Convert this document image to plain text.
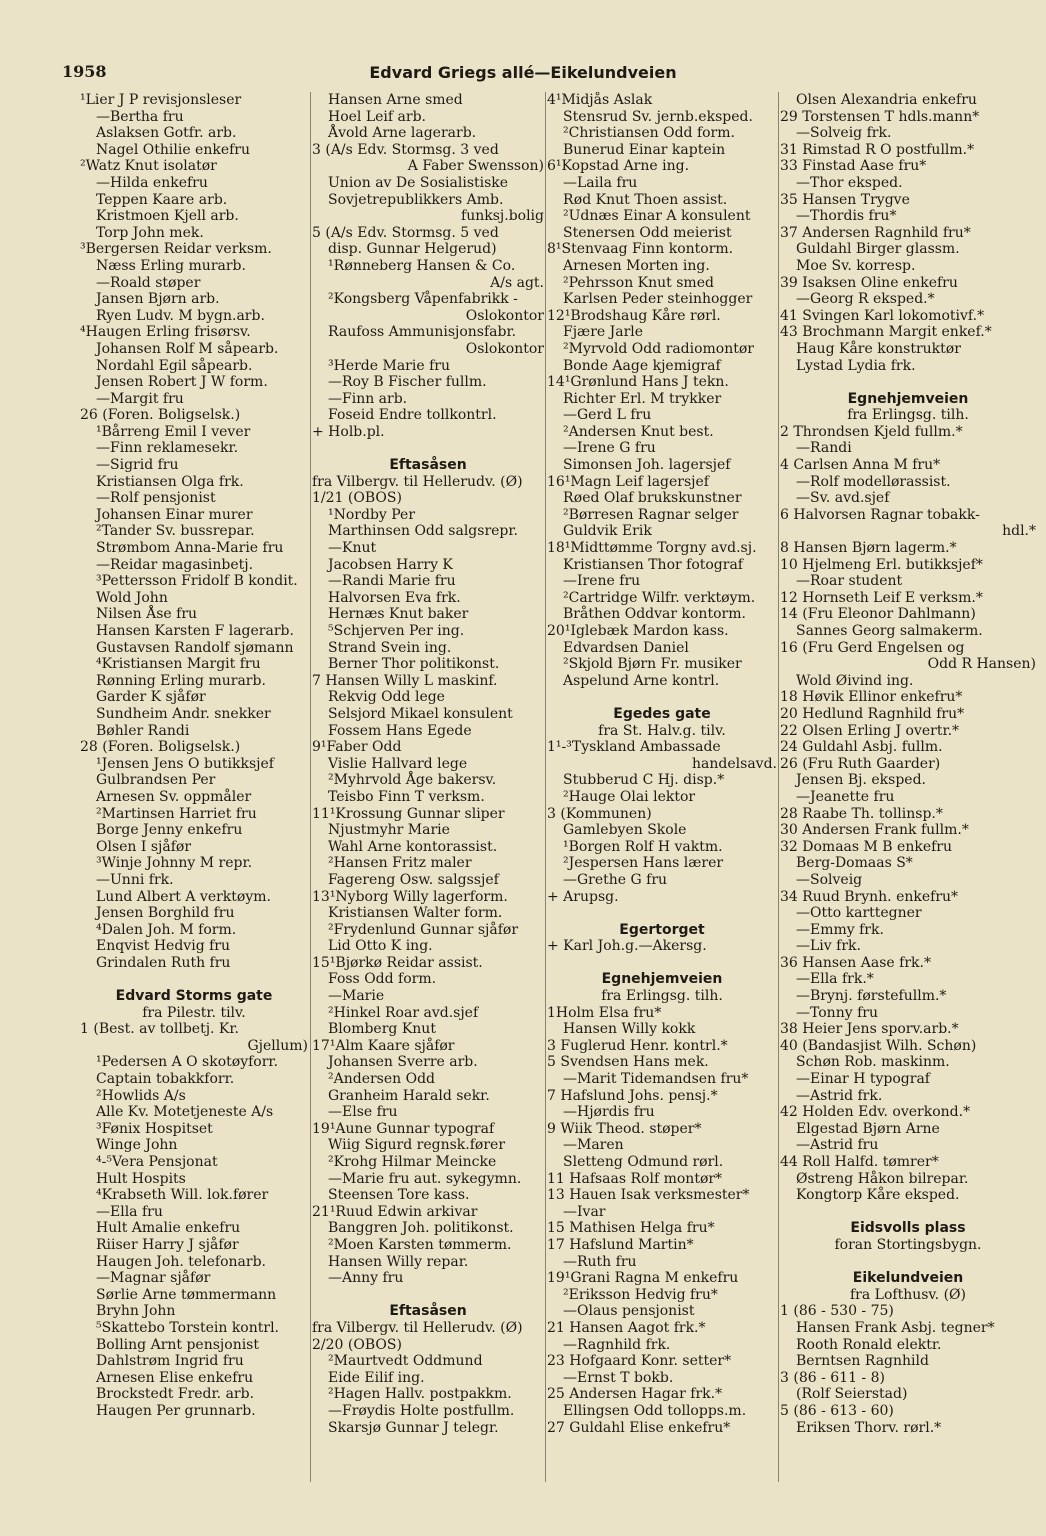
1958	Edvard Griegs allé—Eikelundveien
¹Lier J P revisjonsleser
—Bertha fru
Aslaksen Gotfr. arb.
Nagel Othilie enkefru
²Watz Knut isolatør
—Hilda enkefru
Teppen Kaare arb.
Kristmoen Kjell arb.
Torp John mek.
³Bergersen Reidar verksm.
Næss Erling murarb.
—Roald støper
Jansen Bjørn arb.
Ryen Ludv. M bygn.arb.
⁴Haugen Erling frisørsv.
Johansen Rolf M såpearb.
Nordahl Egil såpearb.
Jensen Robert J W form.
—Margit fru
26 (Foren. Boligselsk.)
¹Bårreng Emil I vever
—Finn reklamesekr.
—Sigrid fru
Kristiansen Olga frk.
—Rolf pensjonist
Johansen Einar murer
²Tander Sv. bussrepar.
Strømbom Anna-Marie fru
—Reidar magasinbetj.
³Pettersson Fridolf B kondit.
Wold John
Nilsen Åse fru
Hansen Karsten F lagerarb.
Gustavsen Randolf sjømann
⁴Kristiansen Margit fru
Rønning Erling murarb.
Garder K sjåfør
Sundheim Andr. snekker
Bøhler Randi
28 (Foren. Boligselsk.)
¹Jensen Jens O butikksjef
Gulbrandsen Per
Arnesen Sv. oppmåler
²Martinsen Harriet fru
Borge Jenny enkefru
Olsen I sjåfør
³Winje Johnny M repr.
—Unni frk.
Lund Albert A verktøym.
Jensen Borghild fru
⁴Dalen Joh. M form.
Enqvist Hedvig fru
Grindalen Ruth fru
Edvard Storms gate
fra Pilestr. tilv.
1 (Best. av tollbetj. Kr.
Gjellum)
¹Pedersen A O skotøyforr.
Captain tobakkforr.
²Howlids A/s
Alle Kv. Motetjeneste A/s
³Fønix Hospitset
Winge John
⁴-⁵Vera Pensjonat
Hult Hospits
⁴Krabseth Will. lok.fører
—Ella fru
Hult Amalie enkefru
Riiser Harry J sjåfør
Haugen Joh. telefonarb.
—Magnar sjåfør
Sørlie Arne tømmermann
Bryhn John
⁵Skattebo Torstein kontrl.
Bolling Arnt pensjonist
Dahlstrøm Ingrid fru
Arnesen Elise enkefru
Brockstedt Fredr. arb.
Haugen Per grunnarb.
Hansen Arne smed
Hoel Leif arb.
Åvold Arne lagerarb.
3 (A/s Edv. Stormsg. 3 ved
A Faber Swensson)
Union av De Sosialistiske
Sovjetrepublikkers Amb.
funksj.bolig
5 (A/s Edv. Stormsg. 5 ved
disp. Gunnar Helgerud)
¹Rønneberg Hansen & Co.
A/s agt.
²Kongsberg Våpenfabrikk -
Oslokontor
Raufoss Ammunisjonsfabr.
Oslokontor
³Herde Marie fru
—Roy B Fischer fullm.
—Finn arb.
Foseid Endre tollkontrl.
+ Holb.pl.
Eftasåsen
fra Vilbergv. til Hellerudv. (Ø)
1/21 (OBOS)
¹Nordby Per
Marthinsen Odd salgsrepr.
—Knut
Jacobsen Harry K
—Randi Marie fru
Halvorsen Eva frk.
Hernæs Knut baker
⁵Schjerven Per ing.
Strand Svein ing.
Berner Thor politikonst.
7 Hansen Willy L maskinf.
Rekvig Odd lege
Selsjord Mikael konsulent
Fossem Hans Egede
9¹Faber Odd
Vislie Hallvard lege
²Myhrvold Åge bakersv.
Teisbo Finn T verksm.
11¹Krossung Gunnar sliper
Njustmyhr Marie
Wahl Arne kontorassist.
²Hansen Fritz maler
Fagereng Osw. salgssjef
13¹Nyborg Willy lagerform.
Kristiansen Walter form.
²Frydenlund Gunnar sjåfør
Lid Otto K ing.
15¹Bjørkø Reidar assist.
Foss Odd form.
—Marie
²Hinkel Roar avd.sjef
Blomberg Knut
17¹Alm Kaare sjåfør
Johansen Sverre arb.
²Andersen Odd
Granheim Harald sekr.
—Else fru
19¹Aune Gunnar typograf
Wiig Sigurd regnsk.fører
²Krohg Hilmar Meincke
—Marie fru aut. sykegymn.
Steensen Tore kass.
21¹Ruud Edwin arkivar
Banggren Joh. politikonst.
²Moen Karsten tømmerm.
Hansen Willy repar.
—Anny fru
Eftasåsen
fra Vilbergv. til Hellerudv. (Ø)
2/20 (OBOS)
²Maurtvedt Oddmund
Eide Eilif ing.
²Hagen Hallv. postpakkm.
—Frøydis Holte postfullm.
Skarsjø Gunnar J telegr.
4¹Midjås Aslak
Stensrud Sv. jernb.eksped.
²Christiansen Odd form.
Bunerud Einar kaptein
6¹Kopstad Arne ing.
—Laila fru
Rød Knut Thoen assist.
²Udnæs Einar A konsulent
Stenersen Odd meierist
8¹Stenvaag Finn kontorm.
Arnesen Morten ing.
²Pehrsson Knut smed
Karlsen Peder steinhogger
12¹Brodshaug Kåre rørl.
Fjære Jarle
²Myrvold Odd radiomontør
Bonde Aage kjemigraf
14¹Grønlund Hans J tekn.
Richter Erl. M trykker
—Gerd L fru
²Andersen Knut best.
—Irene G fru
Simonsen Joh. lagersjef
16¹Magn Leif lagersjef
Røed Olaf brukskunstner
²Børresen Ragnar selger
Guldvik Erik
18¹Midttømme Torgny avd.sj.
Kristiansen Thor fotograf
—Irene fru
²Cartridge Wilfr. verktøym.
Bråthen Oddvar kontorm.
20¹Iglebæk Mardon kass.
Edvardsen Daniel
²Skjold Bjørn Fr. musiker
Aspelund Arne kontrl.
Egedes gate
fra St. Halv.g. tilv.
1¹-³Tyskland Ambassade
handelsavd.
Stubberud C Hj. disp.*
²Hauge Olai lektor
3 (Kommunen)
Gamlebyen Skole
¹Borgen Rolf H vaktm.
²Jespersen Hans lærer
—Grethe G fru
+ Arupsg.
Egertorget
+ Karl Joh.g.—Akersg.
Egnehjemveien
fra Erlingsg. tilh.
1Holm Elsa fru*
Hansen Willy kokk
3 Fuglerud Henr. kontrl.*
5 Svendsen Hans mek.
—Marit Tidemandsen fru*
7 Hafslund Johs. pensj.*
—Hjørdis fru
9 Wiik Theod. støper*
—Maren
Sletteng Odmund rørl.
11 Hafsaas Rolf montør*
13 Hauen Isak verksmester*
—Ivar
15 Mathisen Helga fru*
17 Hafslund Martin*
—Ruth fru
19¹Grani Ragna M enkefru
²Eriksson Hedvig fru*
—Olaus pensjonist
21 Hansen Aagot frk.*
—Ragnhild frk.
23 Hofgaard Konr. setter*
—Ernst T bokb.
25 Andersen Hagar frk.*
Ellingsen Odd tollopps.m.
27 Guldahl Elise enkefru*
Olsen Alexandria enkefru
29 Torstensen T hdls.mann*
—Solveig frk.
31 Rimstad R O postfullm.*
33 Finstad Aase fru*
—Thor eksped.
35 Hansen Trygve
—Thordis fru*
37 Andersen Ragnhild fru*
Guldahl Birger glassm.
Moe Sv. korresp.
39 Isaksen Oline enkefru
—Georg R eksped.*
41 Svingen Karl lokomotivf.*
43 Brochmann Margit enkef.*
Haug Kåre konstruktør
Lystad Lydia frk.
Egnehjemveien
fra Erlingsg. tilh.
2 Throndsen Kjeld fullm.*
—Randi
4 Carlsen Anna M fru*
—Rolf modellørassist.
—Sv. avd.sjef
6 Halvorsen Ragnar tobakk-
hdl.*
8 Hansen Bjørn lagerm.*
10 Hjelmeng Erl. butikksjef*
—Roar student
12 Hornseth Leif E verksm.*
14 (Fru Eleonor Dahlmann)
Sannes Georg salmakerm.
16 (Fru Gerd Engelsen og
Odd R Hansen)
Wold Øivind ing.
18 Høvik Ellinor enkefru*
20 Hedlund Ragnhild fru*
22 Olsen Erling J overtr.*
24 Guldahl Asbj. fullm.
26 (Fru Ruth Gaarder)
Jensen Bj. eksped.
—Jeanette fru
28 Raabe Th. tollinsp.*
30 Andersen Frank fullm.*
32 Domaas M B enkefru
Berg-Domaas S*
—Solveig
34 Ruud Brynh. enkefru*
—Otto karttegner
—Emmy frk.
—Liv frk.
36 Hansen Aase frk.*
—Ella frk.*
—Brynj. førstefullm.*
—Tonny fru
38 Heier Jens sporv.arb.*
40 (Bandasjist Wilh. Schøn)
Schøn Rob. maskinm.
—Einar H typograf
—Astrid frk.
42 Holden Edv. overkond.*
Elgestad Bjørn Arne
—Astrid fru
44 Roll Halfd. tømrer*
Østreng Håkon bilrepar.
Kongtorp Kåre eksped.
Eidsvolls plass
foran Stortingsbygn.
Eikelundveien
fra Lofthusv. (Ø)
1 (86 - 530 - 75)
Hansen Frank Asbj. tegner*
Rooth Ronald elektr.
Berntsen Ragnhild
3 (86 - 611 - 8)
(Rolf Seierstad)
5 (86 - 613 - 60)
Eriksen Thorv. rørl.*
